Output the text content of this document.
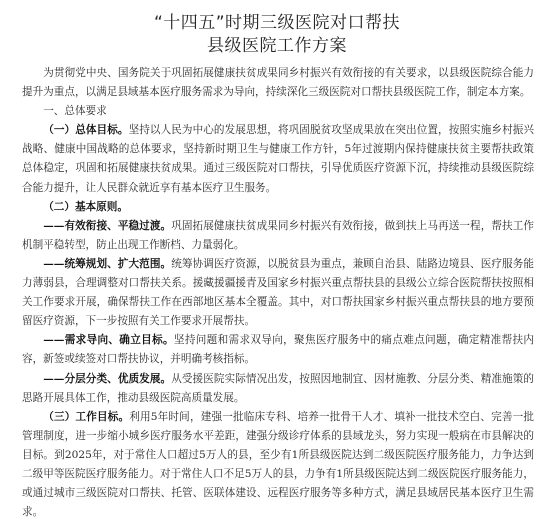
“十四五”时期三级医院对口帮扶
县级医院工作方案

为贯彻党中央、国务院关于巩固拓展健康扶贫成果同乡村振兴有效衔接的有关要求，以县级医院综合能力提升为重点，以满足县域基本医疗服务需求为导向，持续深化三级医院对口帮扶县级医院工作，制定本方案。

一、总体要求

（一）总体目标。坚持以人民为中心的发展思想，将巩固脱贫攻坚成果放在突出位置，按照实施乡村振兴战略、健康中国战略的总体要求，坚持新时期卫生与健康工作方针，5年过渡期内保持健康扶贫主要帮扶政策总体稳定，巩固和拓展健康扶贫成果。通过三级医院对口帮扶，引导优质医疗资源下沉，持续推动县级医院综合能力提升，让人民群众就近享有基本医疗卫生服务。

（二）基本原则。

——有效衔接、平稳过渡。巩固拓展健康扶贫成果同乡村振兴有效衔接，做到扶上马再送一程，帮扶工作机制平稳转型，防止出现工作断档、力量弱化。

——统筹规划、扩大范围。统筹协调医疗资源，以脱贫县为重点，兼顾自治县、陆路边境县、医疗服务能力薄弱县，合理调整对口帮扶关系。援藏援疆援青及国家乡村振兴重点帮扶县的县级公立综合医院帮扶按照相关工作要求开展，确保帮扶工作在西部地区基本全覆盖。其中，对口帮扶国家乡村振兴重点帮扶县的地方要预留医疗资源，下一步按照有关工作要求开展帮扶。

——需求导向、确立目标。坚持问题和需求双导向，聚焦医疗服务中的痛点难点问题，确定精准帮扶内容，新签或续签对口帮扶协议，并明确考核指标。

——分层分类、优质发展。从受援医院实际情况出发，按照因地制宜、因材施教、分层分类、精准施策的思路开展具体工作，推动县级医院高质量发展。

（三）工作目标。利用5年时间，建强一批临床专科、培养一批骨干人才、填补一批技术空白、完善一批管理制度，进一步缩小城乡医疗服务水平差距，建强分级诊疗体系的县域龙头，努力实现一般病在市县解决的目标。到2025年，对于常住人口超过5万人的县，至少有1所县级医院达到二级医院医疗服务能力，力争达到二级甲等医院医疗服务能力。对于常住人口不足5万人的县，力争有1所县级医院达到二级医院医疗服务能力，或通过城市三级医院对口帮扶、托管、医联体建设、远程医疗服务等多种方式，满足县域居民基本医疗卫生需求。
